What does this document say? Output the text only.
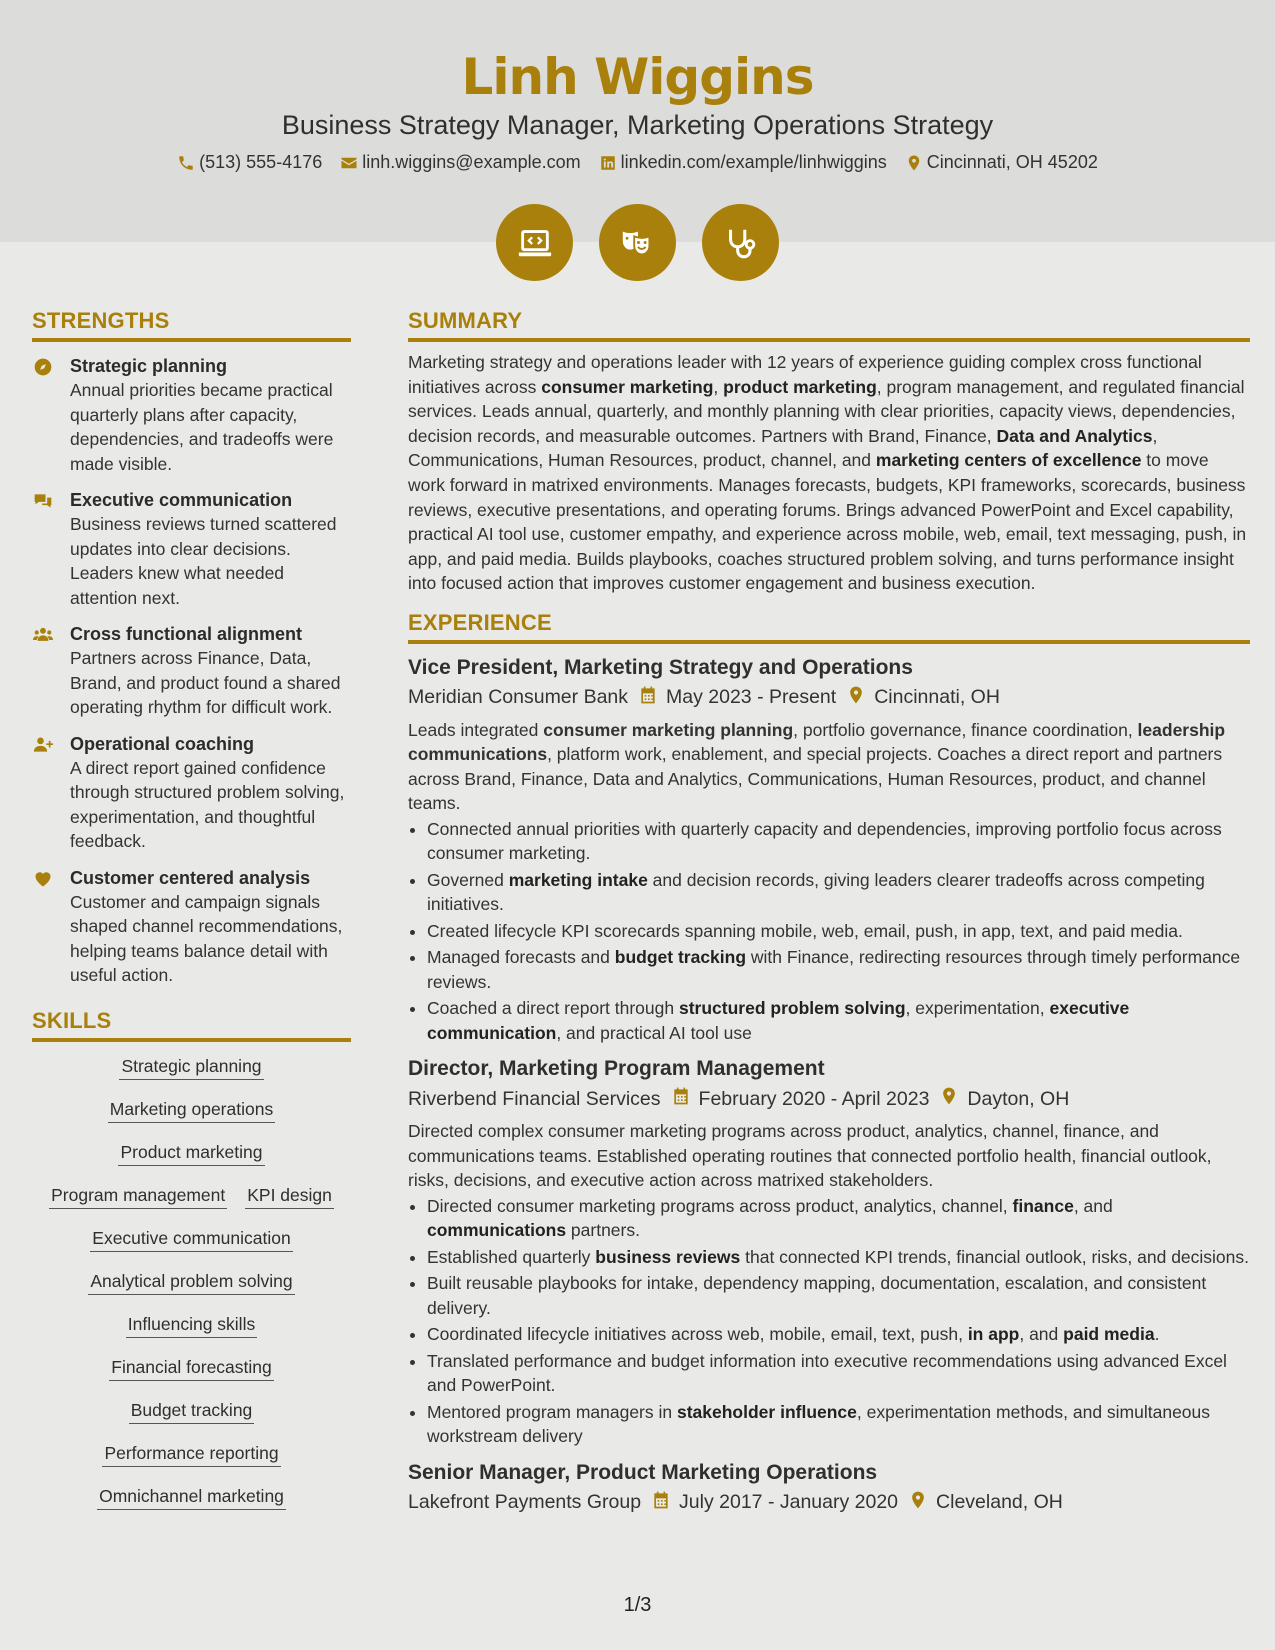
Linh Wiggins
Business Strategy Manager, Marketing Operations Strategy
(513) 555-4176 linh.wiggins@example.com linkedin.com/example/linhwiggins Cincinnati, OH 45202
STRENGTHS
Strategic planning
Annual priorities became practical quarterly plans after capacity, dependencies, and tradeoffs were made visible.
Executive communication
Business reviews turned scattered updates into clear decisions. Leaders knew what needed attention next.
Cross functional alignment
Partners across Finance, Data, Brand, and product found a shared operating rhythm for difficult work.
Operational coaching
A direct report gained confidence through structured problem solving, experimentation, and thoughtful feedback.
Customer centered analysis
Customer and campaign signals shaped channel recommendations, helping teams balance detail with useful action.
SKILLS
Strategic planning
Marketing operations
Product marketing
Program management KPI design
Executive communication
Analytical problem solving
Influencing skills
Financial forecasting
Budget tracking
Performance reporting
Omnichannel marketing
SUMMARY
Marketing strategy and operations leader with 12 years of experience guiding complex cross functional initiatives across consumer marketing, product marketing, program management, and regulated financial services. Leads annual, quarterly, and monthly planning with clear priorities, capacity views, dependencies, decision records, and measurable outcomes. Partners with Brand, Finance, Data and Analytics, Communications, Human Resources, product, channel, and marketing centers of excellence to move work forward in matrixed environments. Manages forecasts, budgets, KPI frameworks, scorecards, business reviews, executive presentations, and operating forums. Brings advanced PowerPoint and Excel capability, practical AI tool use, customer empathy, and experience across mobile, web, email, text messaging, push, in app, and paid media. Builds playbooks, coaches structured problem solving, and turns performance insight into focused action that improves customer engagement and business execution.
EXPERIENCE
Vice President, Marketing Strategy and Operations
Meridian Consumer Bank May 2023 - Present Cincinnati, OH
Leads integrated consumer marketing planning, portfolio governance, finance coordination, leadership communications, platform work, enablement, and special projects. Coaches a direct report and partners across Brand, Finance, Data and Analytics, Communications, Human Resources, product, and channel teams.
• Connected annual priorities with quarterly capacity and dependencies, improving portfolio focus across consumer marketing.
• Governed marketing intake and decision records, giving leaders clearer tradeoffs across competing initiatives.
• Created lifecycle KPI scorecards spanning mobile, web, email, push, in app, text, and paid media.
• Managed forecasts and budget tracking with Finance, redirecting resources through timely performance reviews.
• Coached a direct report through structured problem solving, experimentation, executive communication, and practical AI tool use
Director, Marketing Program Management
Riverbend Financial Services February 2020 - April 2023 Dayton, OH
Directed complex consumer marketing programs across product, analytics, channel, finance, and communications teams. Established operating routines that connected portfolio health, financial outlook, risks, decisions, and executive action across matrixed stakeholders.
• Directed consumer marketing programs across product, analytics, channel, finance, and communications partners.
• Established quarterly business reviews that connected KPI trends, financial outlook, risks, and decisions.
• Built reusable playbooks for intake, dependency mapping, documentation, escalation, and consistent delivery.
• Coordinated lifecycle initiatives across web, mobile, email, text, push, in app, and paid media.
• Translated performance and budget information into executive recommendations using advanced Excel and PowerPoint.
• Mentored program managers in stakeholder influence, experimentation methods, and simultaneous workstream delivery
Senior Manager, Product Marketing Operations
Lakefront Payments Group July 2017 - January 2020 Cleveland, OH
1/3
